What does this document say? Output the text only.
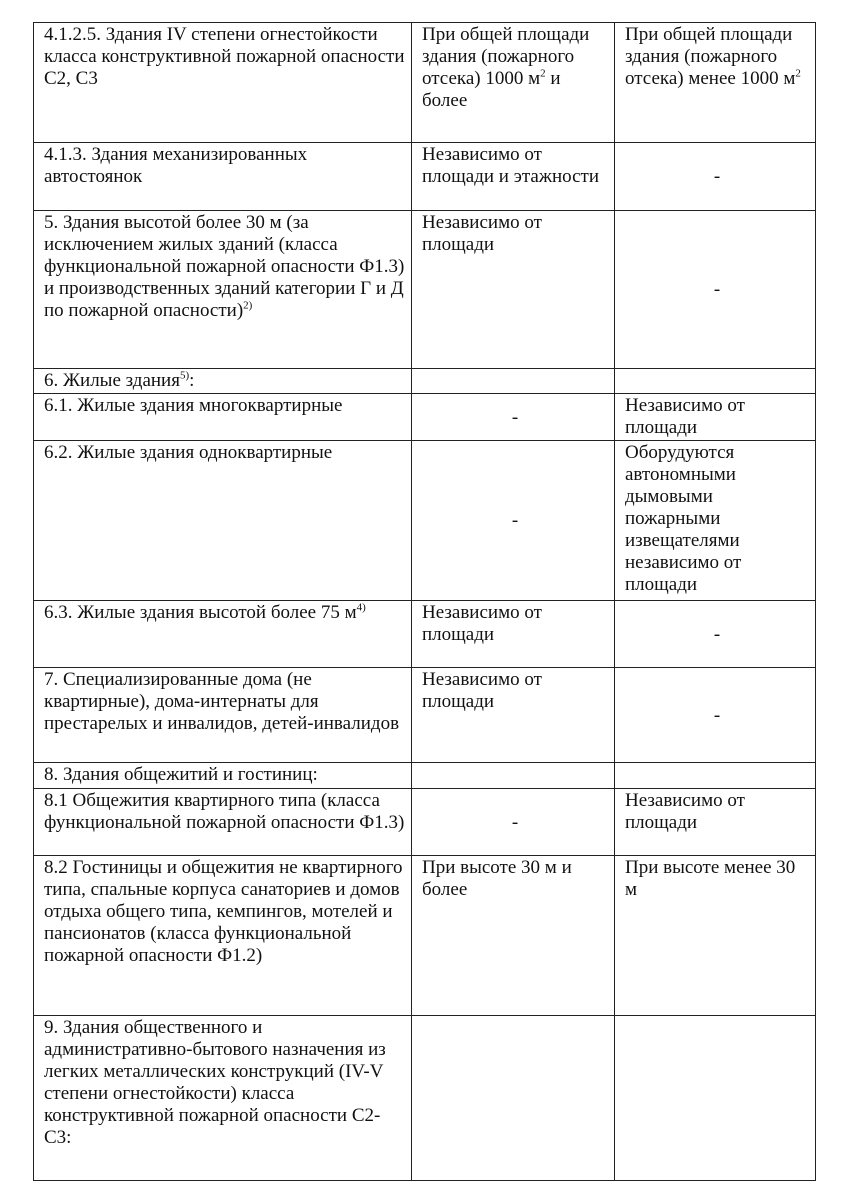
4.1.2.5. Здания IV степени огнестойкости класса конструктивной пожарной опасности С2, С3	При общей площади здания (пожарного отсека) 1000 $м^2$ и более	При общей площади здания (пожарного отсека) менее 1000 $м^2$
4.1.3. Здания механизированных автостоянок	Независимо от площади и этажности	-
5. Здания высотой более 30 м (за исключением жилых зданий (класса функциональной пожарной опасности Ф1.3) и производственных зданий категории Г и Д по пожарной опасности)$^{2)}$	Независимо от площади	-
6. Жилые здания$^{5)}$:		
6.1. Жилые здания многоквартирные	-	Независимо от площади
6.2. Жилые здания одноквартирные	-	Оборудуются автономными дымовыми пожарными извещателями независимо от площади
6.3. Жилые здания высотой более 75 $м^{4)}$	Независимо от площади	-
7. Специализированные дома (не квартирные), дома-интернаты для престарелых и инвалидов, детей-инвалидов	Независимо от площади	-
8. Здания общежитий и гостиниц:		
8.1 Общежития квартирного типа (класса функциональной пожарной опасности Ф1.3)	-	Независимо от площади
8.2 Гостиницы и общежития не квартирного типа, спальные корпуса санаториев и домов отдыха общего типа, кемпингов, мотелей и пансионатов (класса функциональной пожарной опасности Ф1.2)	При высоте 30 м и более	При высоте менее 30 м
9. Здания общественного и административно-бытового назначения из легких металлических конструкций (IV-V степени огнестойкости) класса конструктивной пожарной опасности С2-С3:		
